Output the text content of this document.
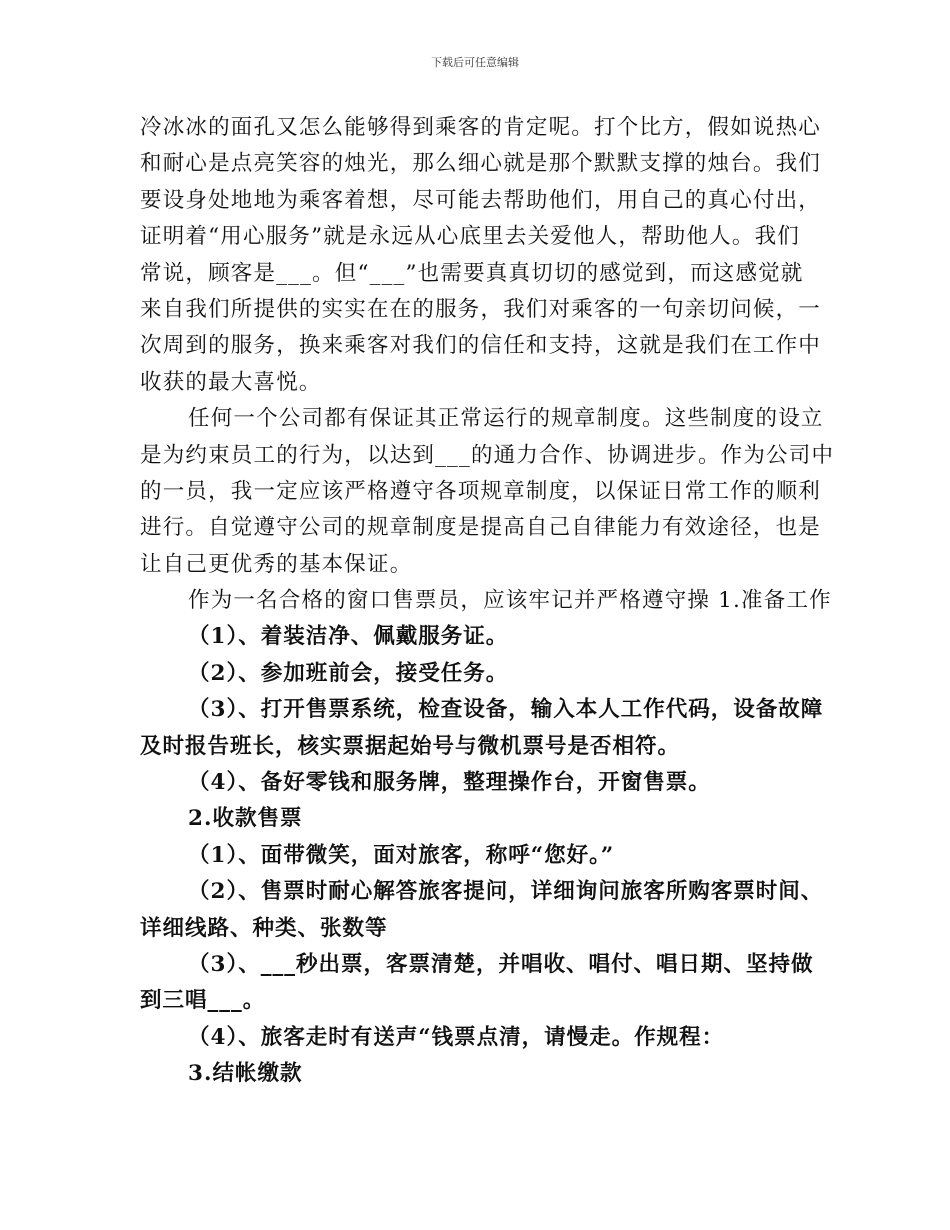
下载后可任意编辑
冷冰冰的面孔又怎么能够得到乘客的肯定呢。打个比方，假如说热心
和耐心是点亮笑容的烛光，那么细心就是那个默默支撑的烛台。我们
要设身处地地为乘客着想，尽可能去帮助他们，用自己的真心付出，
证明着“用心服务”就是永远从心底里去关爱他人，帮助他人。我们
常说，顾客是___。但“___”也需要真真切切的感觉到，而这感觉就
来自我们所提供的实实在在的服务，我们对乘客的一句亲切问候，一
次周到的服务，换来乘客对我们的信任和支持，这就是我们在工作中
收获的最大喜悦。
任何一个公司都有保证其正常运行的规章制度。这些制度的设立
是为约束员工的行为，以达到___的通力合作、协调进步。作为公司中
的一员，我一定应该严格遵守各项规章制度，以保证日常工作的顺利
进行。自觉遵守公司的规章制度是提高自己自律能力有效途径，也是
让自己更优秀的基本保证。
作为一名合格的窗口售票员，应该牢记并严格遵守操 1.准备工作
（1）、着装洁净、佩戴服务证。
（2）、参加班前会，接受任务。
（3）、打开售票系统，检查设备，输入本人工作代码，设备故障
及时报告班长，核实票据起始号与微机票号是否相符。
（4）、备好零钱和服务牌，整理操作台，开窗售票。
2.收款售票
（1）、面带微笑，面对旅客，称呼“您好。”
（2）、售票时耐心解答旅客提问，详细询问旅客所购客票时间、
详细线路、种类、张数等
（3）、___秒出票，客票清楚，并唱收、唱付、唱日期、坚持做
到三唱___。
（4）、旅客走时有送声“钱票点清，请慢走。作规程：
3.结帐缴款
